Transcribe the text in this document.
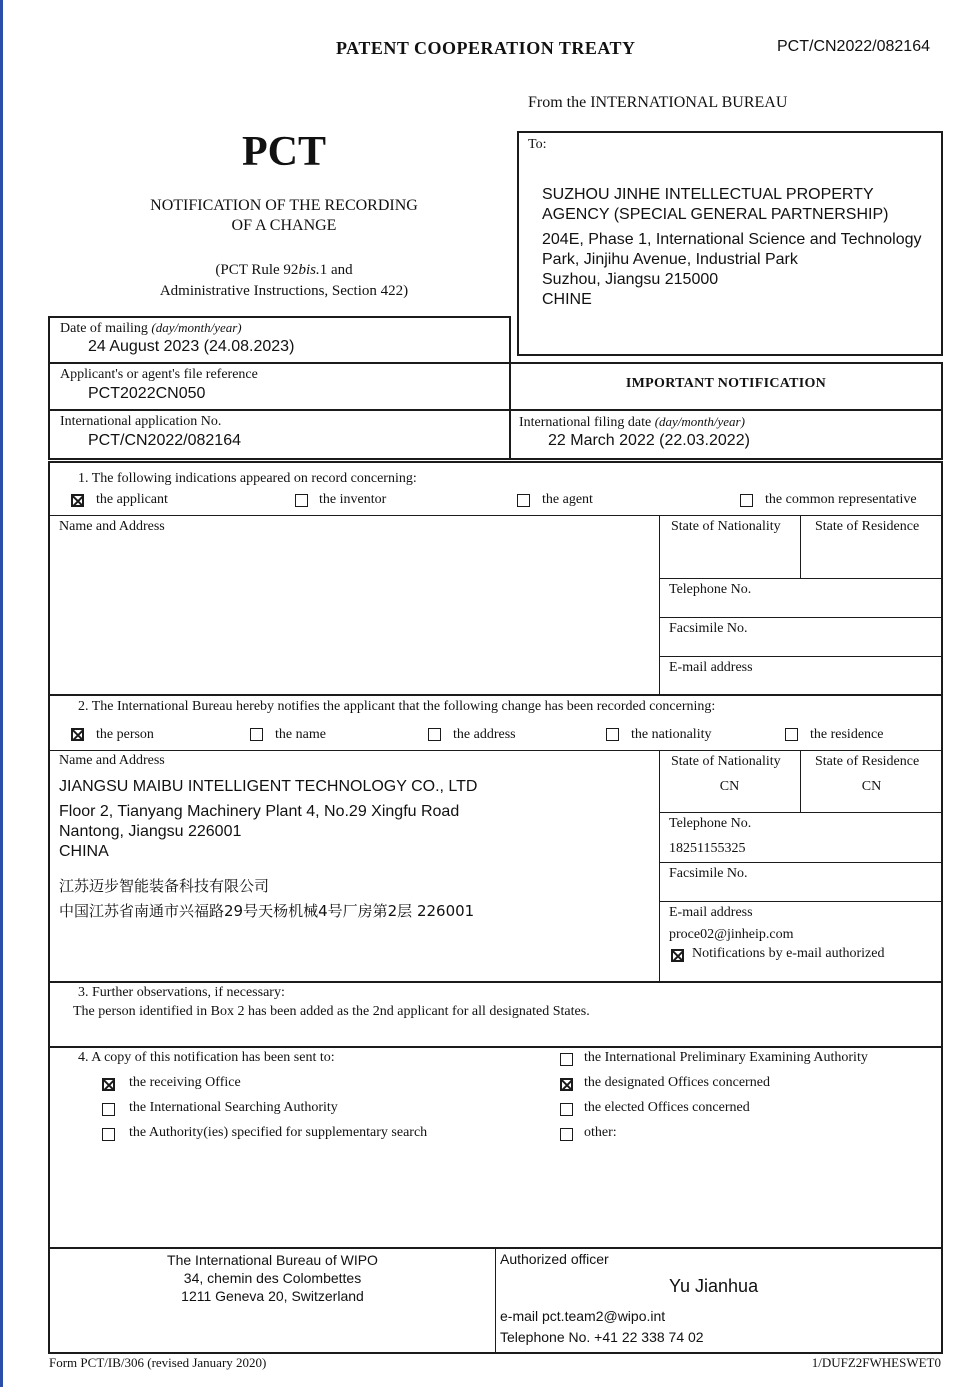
PATENT COOPERATION TREATY	PCT/CN2022/082164
From the INTERNATIONAL BUREAU
PCT
NOTIFICATION OF THE RECORDING
OF A CHANGE
(PCT Rule 92bis.1 and
Administrative Instructions, Section 422)
To:
SUZHOU JINHE INTELLECTUAL PROPERTY
AGENCY (SPECIAL GENERAL PARTNERSHIP)
204E, Phase 1, International Science and Technology
Park, Jinjihu Avenue, Industrial Park
Suzhou, Jiangsu 215000
CHINE
Date of mailing (day/month/year)
24 August 2023 (24.08.2023)
Applicant's or agent's file reference
PCT2022CN050
IMPORTANT NOTIFICATION
International application No.
PCT/CN2022/082164
International filing date (day/month/year)
22 March 2022 (22.03.2022)
1. The following indications appeared on record concerning:
the applicant	the inventor	the agent	the common representative
Name and Address	State of Nationality State of Residence
Telephone No.
Facsimile No.
E-mail address
2. The International Bureau hereby notifies the applicant that the following change has been recorded concerning:
the person	the name	the address	the nationality	the residence
Name and Address
JIANGSU MAIBU INTELLIGENT TECHNOLOGY CO., LTD
Floor 2, Tianyang Machinery Plant 4, No.29 Xingfu Road
Nantong, Jiangsu 226001
CHINA
江苏迈步智能装备科技有限公司
中国江苏省南通市兴福路29号天杨机械4号厂房第2层 226001
State of Nationality
CN
State of Residence
CN
Telephone No.
18251155325
Facsimile No.
E-mail address
proce02@jinheip.com
Notifications by e-mail authorized
3. Further observations, if necessary:
The person identified in Box 2 has been added as the 2nd applicant for all designated States.
4. A copy of this notification has been sent to:
the receiving Office
the International Searching Authority
the Authority(ies) specified for supplementary search
the International Preliminary Examining Authority
the designated Offices concerned
the elected Offices concerned
other:
The International Bureau of WIPO
34, chemin des Colombettes
1211 Geneva 20, Switzerland
Authorized officer
Yu Jianhua
e-mail pct.team2@wipo.int
Telephone No. +41 22 338 74 02
Form PCT/IB/306 (revised January 2020)	1/DUFZ2FWHESWET0
